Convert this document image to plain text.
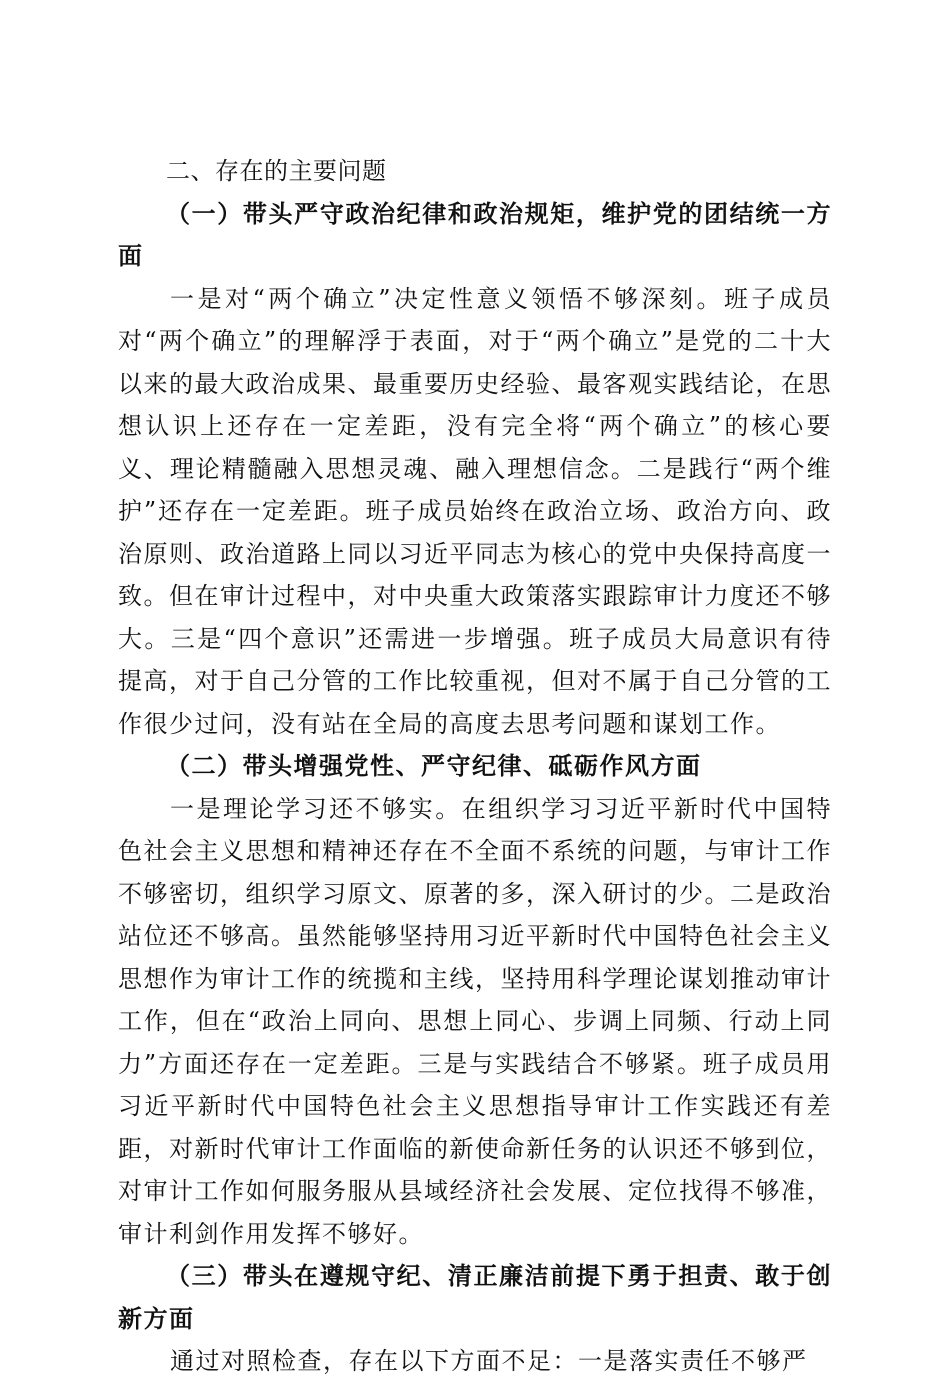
二、存在的主要问题

（一）带头严守政治纪律和政治规矩，维护党的团结统一方面

一是对“两个确立”决定性意义领悟不够深刻。班子成员对“两个确立”的理解浮于表面，对于“两个确立”是党的二十大以来的最大政治成果、最重要历史经验、最客观实践结论，在思想认识上还存在一定差距，没有完全将“两个确立”的核心要义、理论精髓融入思想灵魂、融入理想信念。二是践行“两个维护”还存在一定差距。班子成员始终在政治立场、政治方向、政治原则、政治道路上同以习近平同志为核心的党中央保持高度一致。但在审计过程中，对中央重大政策落实跟踪审计力度还不够大。三是“四个意识”还需进一步增强。班子成员大局意识有待提高，对于自己分管的工作比较重视，但对不属于自己分管的工作很少过问，没有站在全局的高度去思考问题和谋划工作。

（二）带头增强党性、严守纪律、砥砺作风方面

一是理论学习还不够实。在组织学习习近平新时代中国特色社会主义思想和精神还存在不全面不系统的问题，与审计工作不够密切，组织学习原文、原著的多，深入研讨的少。二是政治站位还不够高。虽然能够坚持用习近平新时代中国特色社会主义思想作为审计工作的统揽和主线，坚持用科学理论谋划推动审计工作，但在“政治上同向、思想上同心、步调上同频、行动上同力”方面还存在一定差距。三是与实践结合不够紧。班子成员用习近平新时代中国特色社会主义思想指导审计工作实践还有差距，对新时代审计工作面临的新使命新任务的认识还不够到位，对审计工作如何服务服从县域经济社会发展、定位找得不够准，审计利剑作用发挥不够好。

（三）带头在遵规守纪、清正廉洁前提下勇于担责、敢于创新方面

通过对照检查，存在以下方面不足：一是落实责任不够严
